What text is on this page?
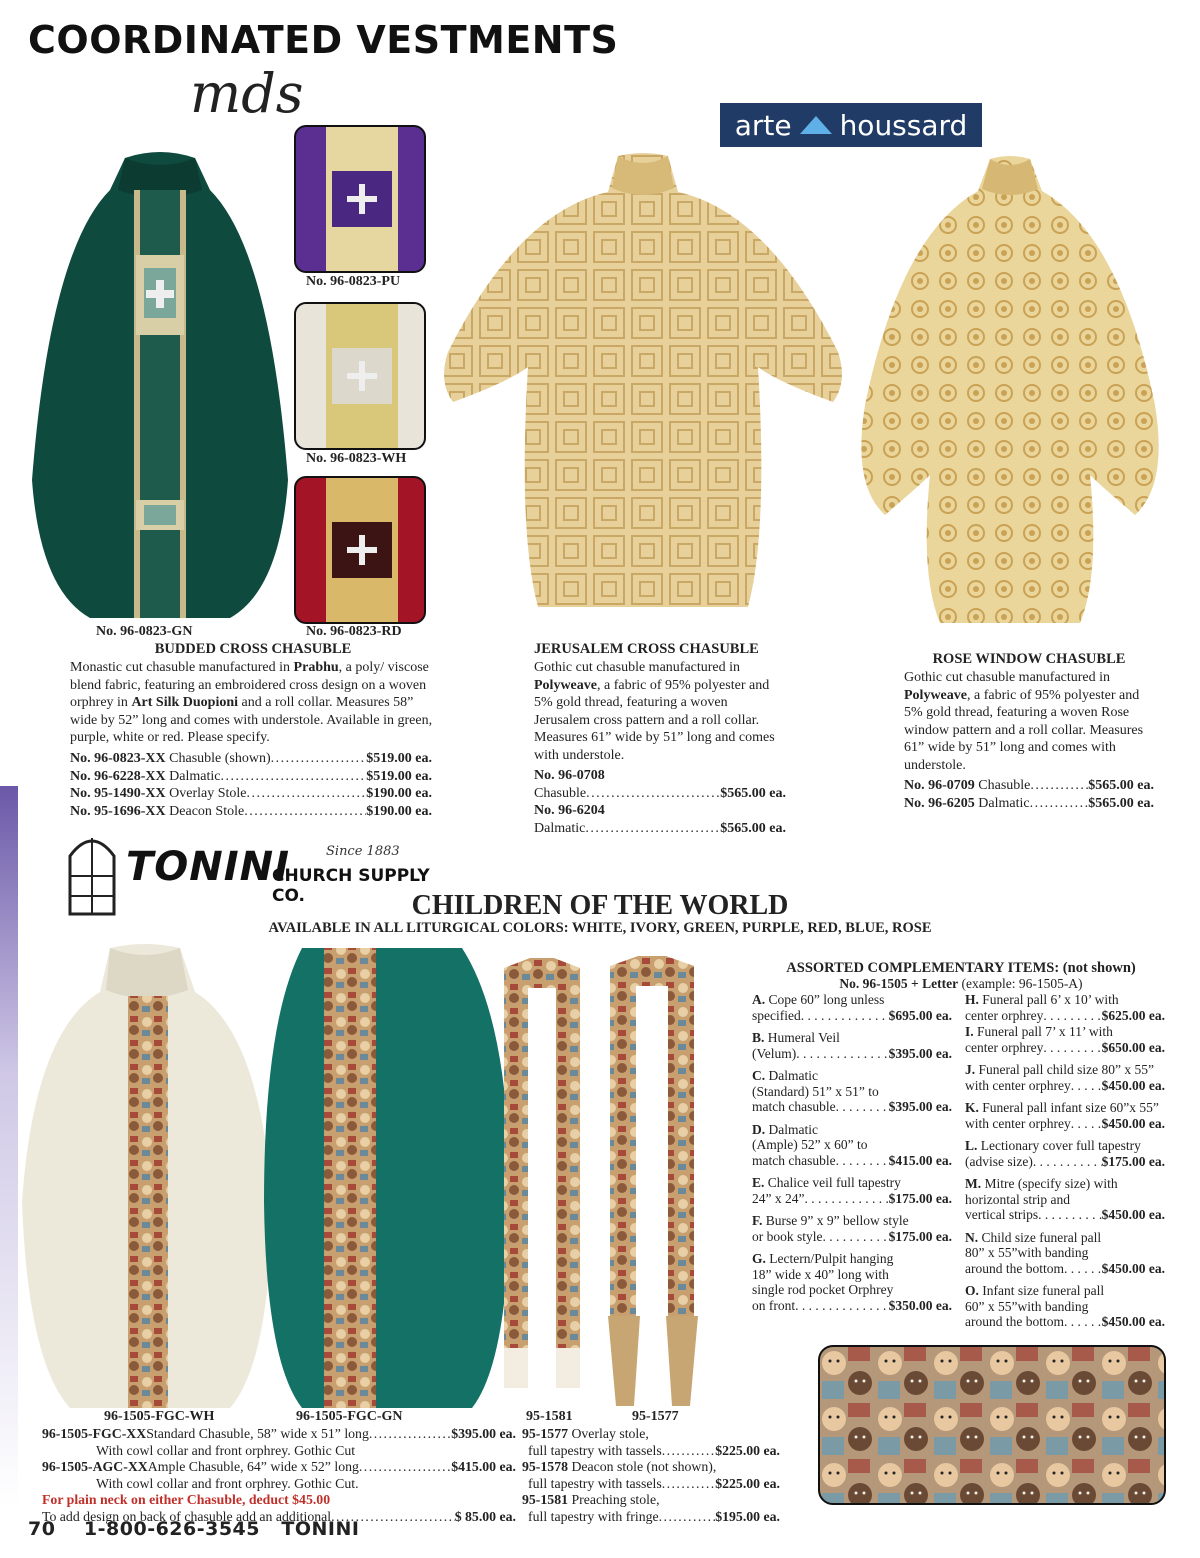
COORDINATED VESTMENTS
mds	arte houssard
No. 96-0823-PU
No. 96-0823-WH
No. 96-0823-GN	No. 96-0823-RD
BUDDED CROSS CHASUBLE
Monastic cut chasuble manufactured in Prabhu, a poly/ viscose blend fabric, featuring an embroidered cross design on a woven orphrey in Art Silk Duopioni and a roll collar. Measures 58” wide by 52” long and comes with understole. Available in green, purple, white or red. Please specify.
No. 96-0823-XX
Chasuble (shown) . . .	$519.00 ea.
No. 96-6228-XX
Dalmatic . . .	$519.00 ea.
No. 95-1490-XX
Overlay Stole . . .	$190.00 ea.
No. 95-1696-XX
Deacon Stole . . .	$190.00 ea.
JERUSALEM CROSS CHASUBLE
Gothic cut chasuble manufactured in Polyweave, a fabric of 95% polyester and 5% gold thread, featuring a woven Jerusalem cross pattern and a roll collar. Measures 61” wide by 51” long and comes with understole.
No. 96-0708
Chasuble . . .	$565.00 ea.
No. 96-6204
Dalmatic . . .	$565.00 ea.
ROSE WINDOW CHASUBLE
Gothic cut chasuble manufactured in Polyweave, a fabric of 95% polyester and 5% gold thread, featuring a woven Rose window pattern and a roll collar. Measures 61” wide by 51” long and comes with understole.
No. 96-0709
Chasuble . . .	$565.00 ea.
No. 96-6205
Dalmatic . . .	$565.00 ea.
TONINI
CHURCH SUPPLY CO.
Since 1883
CHILDREN OF THE WORLD
AVAILABLE IN ALL LITURGICAL COLORS: WHITE, IVORY, GREEN, PURPLE, RED, BLUE, ROSE
ASSORTED COMPLEMENTARY ITEMS: (not shown)
No. 96-1505 + Letter (example: 96-1505-A)
A. Cope 60” long unless
specified . . .	$695.00 ea.
B. Humeral Veil
(Velum) . . .	$395.00 ea.
C. Dalmatic
(Standard) 51” x 51” to
match chasuble . . .	$395.00 ea.
D. Dalmatic
(Ample) 52” x 60” to
match chasuble . . .	$415.00 ea.
E. Chalice veil full tapestry
24” x 24” . . .	$175.00 ea.
F. Burse 9” x 9” bellow style
or book style . . .	$175.00 ea.
G. Lectern/Pulpit hanging
18” wide x 40” long with
single rod pocket Orphrey
on front . . .	$350.00 ea.
H. Funeral pall 6’ x 10’ with
center orphrey . . .	$625.00 ea.
I. Funeral pall 7’ x 11’ with
center orphrey . . .	$650.00 ea.
J. Funeral pall child size 80” x 55”
with center orphrey . . . $450.00 ea.
K. Funeral pall infant size 60”x 55”
with center orphrey . . . $450.00 ea.
L. Lectionary cover full tapestry
(advise size) . . .	$175.00 ea.
M. Mitre (specify size) with
horizontal strip and
vertical strips . . .	$450.00 ea.
N. Child size funeral pall
80” x 55”with banding
around the bottom . . .	$450.00 ea.
O. Infant size funeral pall
60” x 55”with banding
around the bottom . . .	$450.00 ea.
96-1505-FGC-WH	96-1505-FGC-GN	95-1581	95-1577
96-1505-FGC-XX Standard Chasuble, 58” wide x 51” long . . .	$395.00 ea.
With cowl collar and front orphrey. Gothic Cut
96-1505-AGC-XX Ample Chasuble, 64” wide x 52” long . . .	$415.00 ea.
With cowl collar and front orphrey. Gothic Cut.
For plain neck on either Chasuble, deduct $45.00
To add design on back of chasuble add an additional . . .	$ 85.00 ea.
95-1577 Overlay stole,
full tapestry with tassels . . .	$225.00 ea.
95-1578 Deacon stole (not shown),
full tapestry with tassels . . .	$225.00 ea.
95-1581 Preaching stole,
full tapestry with fringe . . .	$195.00 ea.
70 1-800-626-3545 TONINI
